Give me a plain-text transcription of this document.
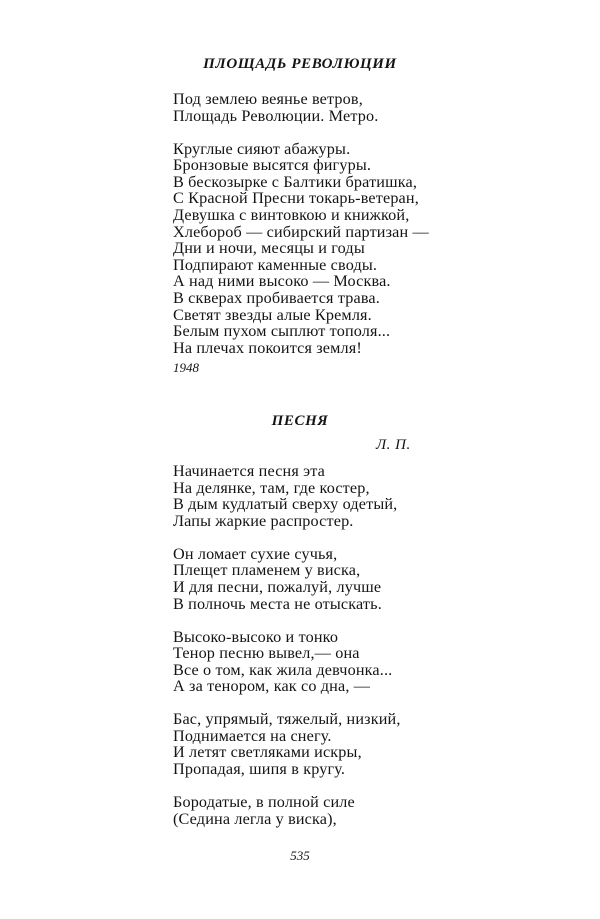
ПЛОЩАДЬ РЕВОЛЮЦИИ
Под землею веянье ветров,
Площадь Революции. Метро.
Круглые сияют абажуры.
Бронзовые высятся фигуры.
В бескозырке с Балтики братишка,
С Красной Пресни токарь-ветеран,
Девушка с винтовкою и книжкой,
Хлебороб — сибирский партизан —
Дни и ночи, месяцы и годы
Подпирают каменные своды.
А над ними высоко — Москва.
В скверах пробивается трава.
Светят звезды алые Кремля.
Белым пухом сыплют тополя...
На плечах покоится земля!
1948
ПЕСНЯ
Л. П.
Начинается песня эта
На делянке, там, где костер,
В дым кудлатый сверху одетый,
Лапы жаркие распростер.
Он ломает сухие сучья,
Плещет пламенем у виска,
И для песни, пожалуй, лучше
В полночь места не отыскать.
Высоко-высоко и тонко
Тенор песню вывел,— она
Все о том, как жила девчонка...
А за тенором, как со дна, —
Бас, упрямый, тяжелый, низкий,
Поднимается на снегу.
И летят светляками искры,
Пропадая, шипя в кругу.
Бородатые, в полной силе
(Седина легла у виска),
535
